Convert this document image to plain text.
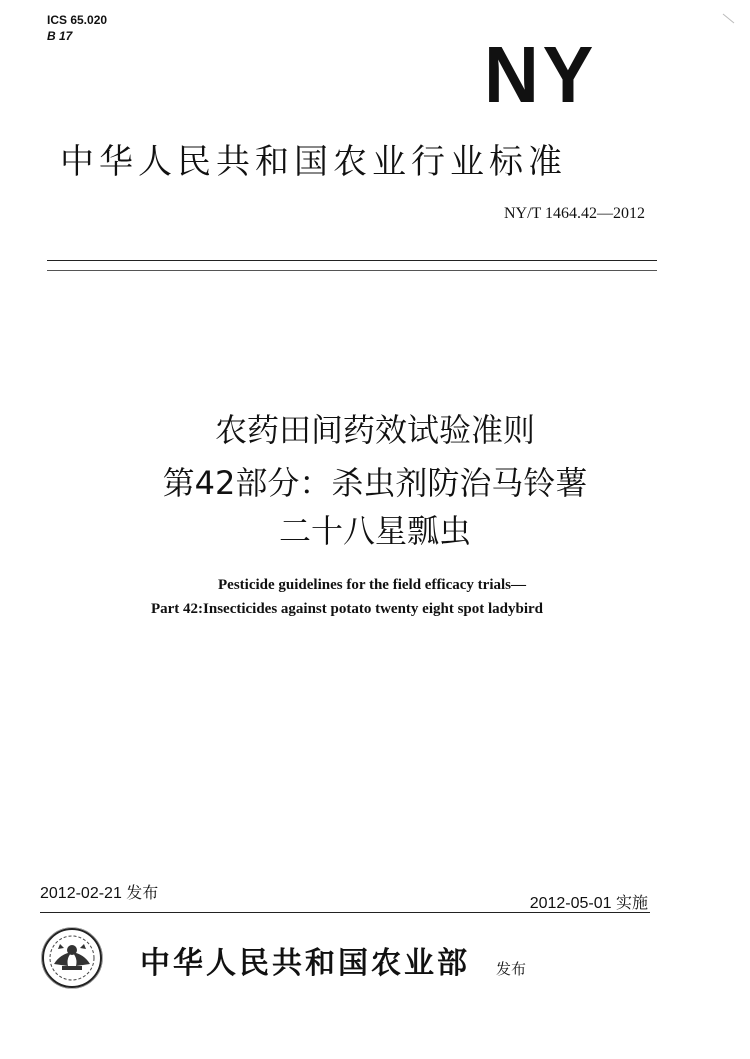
ICS 65.020
B 17	NY
中华人民共和国农业行业标准
NY/T 1464.42—2012
农药田间药效试验准则
第42部分：杀虫剂防治马铃薯
二十八星瓢虫
Pesticide guidelines for the field efficacy trials—
Part 42:Insecticides against potato twenty eight spot ladybird
2012-02-21 发布
2012-05-01 实施
中华人民共和国农业部 发布
